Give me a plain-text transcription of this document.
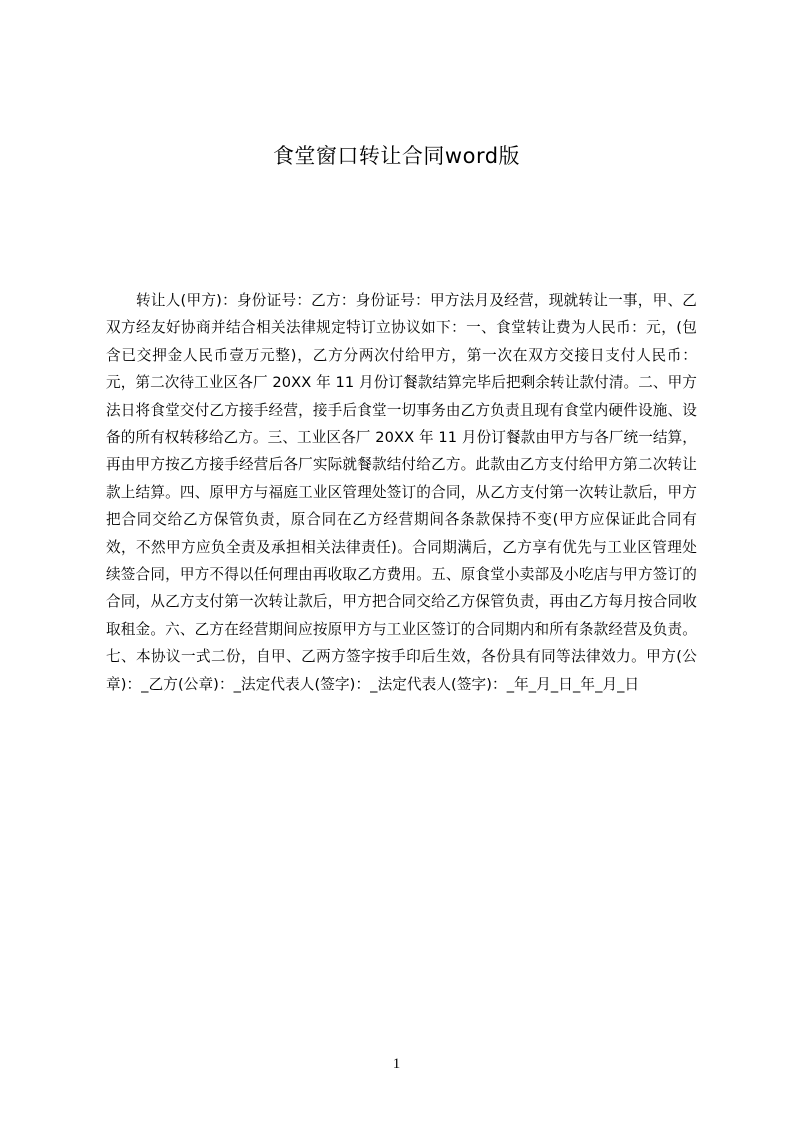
食堂窗口转让合同word版
转让人(甲方)：身份证号：乙方：身份证号：甲方法月及经营，现就转让一事，甲、乙双方经友好协商并结合相关法律规定特订立协议如下：一、食堂转让费为人民币：元，(包含已交押金人民币壹万元整)，乙方分两次付给甲方，第一次在双方交接日支付人民币：元，第二次待工业区各厂 20XX 年 11 月份订餐款结算完毕后把剩余转让款付清。二、甲方法日将食堂交付乙方接手经营，接手后食堂一切事务由乙方负责且现有食堂内硬件设施、设备的所有权转移给乙方。三、工业区各厂 20XX 年 11 月份订餐款由甲方与各厂统一结算，再由甲方按乙方接手经营后各厂实际就餐款结付给乙方。此款由乙方支付给甲方第二次转让款上结算。四、原甲方与福庭工业区管理处签订的合同，从乙方支付第一次转让款后，甲方把合同交给乙方保管负责，原合同在乙方经营期间各条款保持不变(甲方应保证此合同有效，不然甲方应负全责及承担相关法律责任)。合同期满后，乙方享有优先与工业区管理处续签合同，甲方不得以任何理由再收取乙方费用。五、原食堂小卖部及小吃店与甲方签订的合同，从乙方支付第一次转让款后，甲方把合同交给乙方保管负责，再由乙方每月按合同收取租金。六、乙方在经营期间应按原甲方与工业区签订的合同期内和所有条款经营及负责。七、本协议一式二份，自甲、乙两方签字按手印后生效，各份具有同等法律效力。甲方(公章)：_乙方(公章)：_法定代表人(签字)：_法定代表人(签字)：_年_月_日_年_月_日
1
